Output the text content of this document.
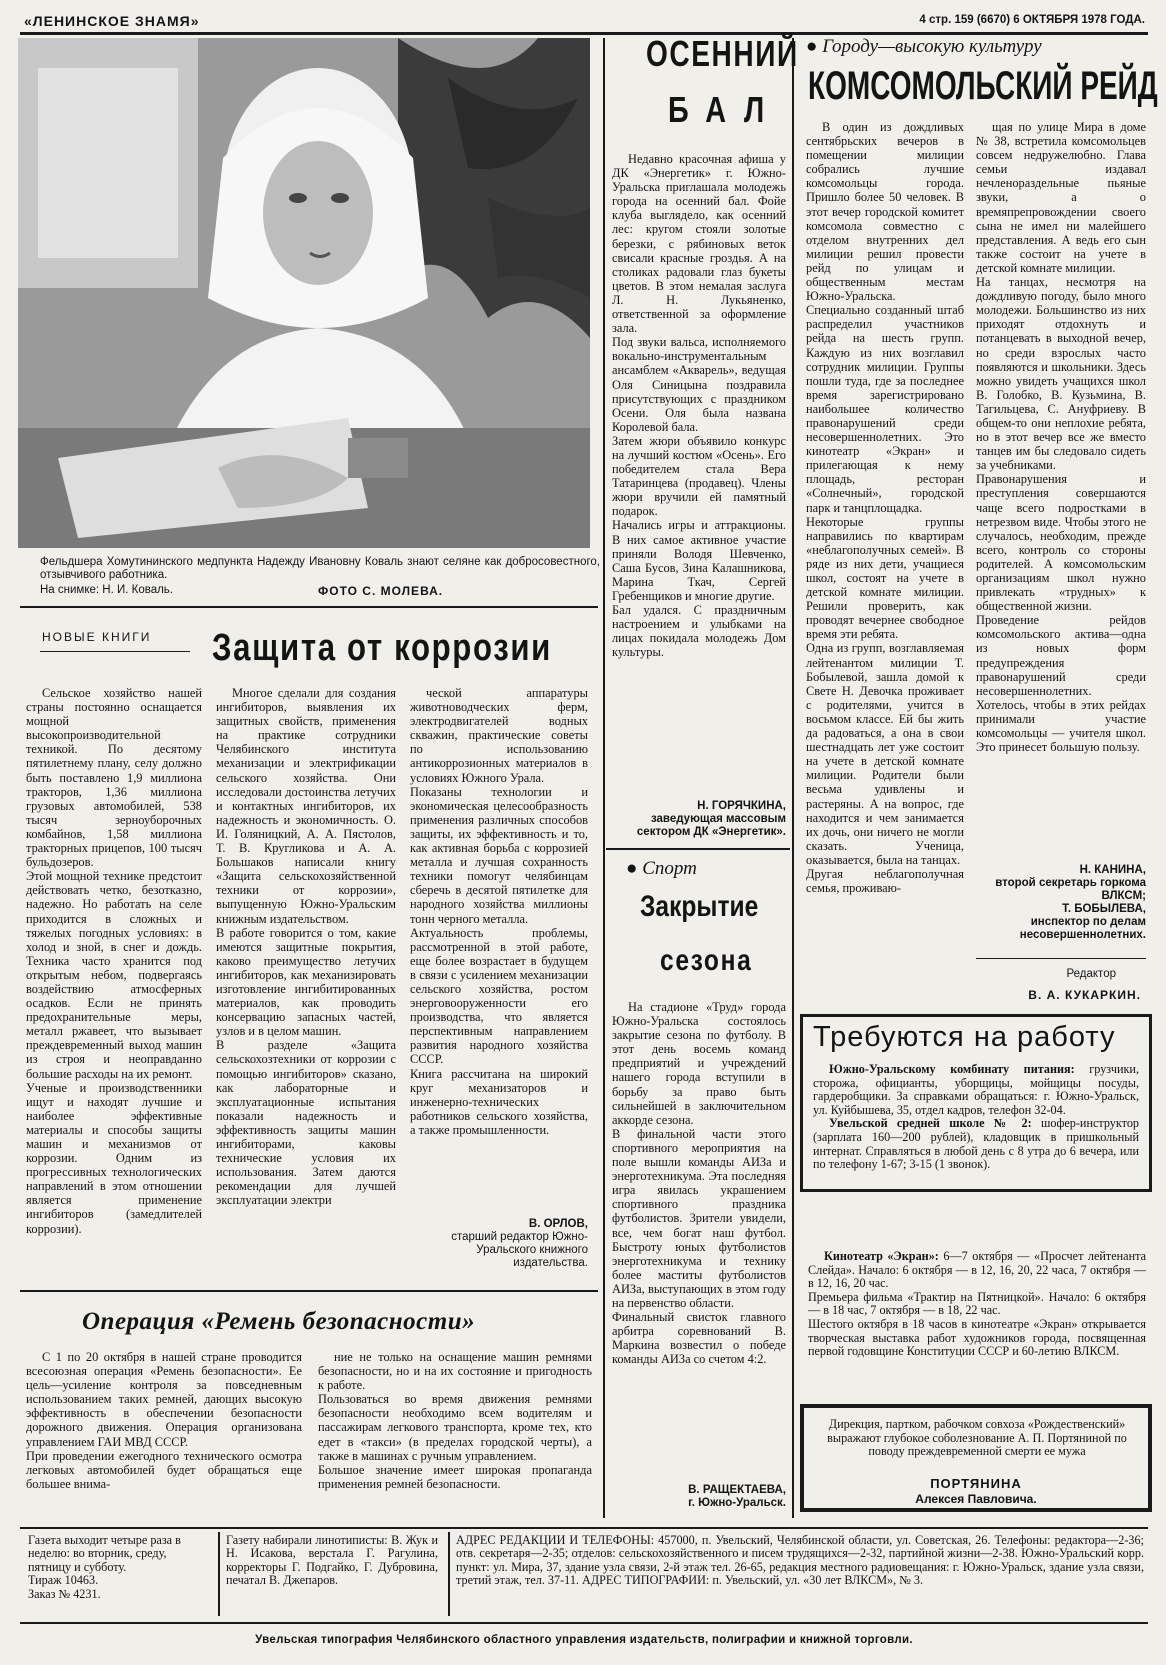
«ЛЕНИНСКОЕ ЗНАМЯ»	4 стр. 159 (6670) 6 ОКТЯБРЯ 1978 ГОДА.
Фельдшера Хомутининского медпункта Надежду Ивановну Коваль знают селяне как добросовестного, отзывчивого работника.
На снимке: Н. И. Коваль.	ФОТО С. МОЛЕВА.
НОВЫЕ КНИГИ	Защита от коррозии

Сельское хозяйство нашей страны постоянно оснащается мощной высокопроизводительной техникой. По десятому пятилетнему плану, селу должно быть поставлено 1,9 миллиона тракторов, 1,36 миллиона грузовых автомобилей, 538 тысяч зерноуборочных комбайнов, 1,58 миллиона тракторных прицепов, 100 тысяч бульдозеров.
Этой мощной технике предстоит действовать четко, безотказно, надежно. Но работать на селе приходится в сложных и тяжелых погодных условиях: в холод и зной, в снег и дождь. Техника часто хранится под открытым небом, подвергаясь воздействию атмосферных осадков. Если не принять предохранительные меры, металл ржавеет, что вызывает преждевременный выход машин из строя и неоправданно большие расходы на их ремонт.
Ученые и производственники ищут и находят лучшие и наиболее эффективные материалы и способы защиты машин и механизмов от коррозии. Одним из прогрессивных технологических направлений в этом отношении является применение ингибиторов (замедлителей коррозии).

Многое сделали для создания ингибиторов, выявления их защитных свойств, применения на практике сотрудники Челябинского института механизации и электрификации сельского хозяйства. Они исследовали достоинства летучих и контактных ингибиторов, их надежность и экономичность. О. И. Голяницкий, А. А. Пястолов, Т. В. Кругликова и А. А. Большаков написали книгу «Защита сельскохозяйственной техники от коррозии», выпущенную Южно-Уральским книжным издательством.
В работе говорится о том, какие имеются защитные покрытия, каково преимущество летучих ингибиторов, как механизировать изготовление ингибитированных материалов, как проводить консервацию запасных частей, узлов и в целом машин.
В разделе «Защита сельскохозтехники от коррозии с помощью ингибиторов» сказано, как лабораторные и эксплуатационные испытания показали надежность и эффективность защиты машин ингибиторами, каковы технические условия их использования. Затем даются рекомендации для лучшей эксплуатации электри

ческой аппаратуры животноводческих ферм, электродвигателей водных скважин, практические советы по использованию антикоррозионных материалов в условиях Южного Урала.
Показаны технологии и экономическая целесообразность применения различных способов защиты, их эффективность и то, как активная борьба с коррозией металла и лучшая сохранность техники помогут челябинцам сберечь в десятой пятилетке для народного хозяйства миллионы тонн черного металла.
Актуальность проблемы, рассмотренной в этой работе, еще более возрастает в будущем в связи с усилением механизации сельского хозяйства, ростом энерговооруженности его производства, что является перспективным направлением развития народного хозяйства СССР.
Книга рассчитана на широкий круг механизаторов и инженерно-технических работников сельского хозяйства, а также промышленности.

В. ОРЛОВ,
старший редактор Южно-Уральского книжного издательства.
Операция «Ремень безопасности»

С 1 по 20 октября в нашей стране проводится всесоюзная операция «Ремень безопасности». Ее цель—усиление контроля за повседневным использованием таких ремней, дающих высокую эффективность в обеспечении безопасности дорожного движения. Операция организована управлением ГАИ МВД СССР.
При проведении ежегодного технического осмотра легковых автомобилей будет обращаться еще большее внима-

ние не только на оснащение машин ремнями безопасности, но и на их состояние и пригодность к работе.
Пользоваться во время движения ремнями безопасности необходимо всем водителям и пассажирам легкового транспорта, кроме тех, кто едет в «такси» (в пределах городской черты), а также в машинах с ручным управлением.
Большое значение имеет широкая пропаганда применения ремней безопасности.

ОСЕННИЙ
БАЛ

Недавно красочная афиша у ДК «Энергетик» г. Южно-Уральска приглашала молодежь города на осенний бал. Фойе клуба выглядело, как осенний лес: кругом стояли золотые березки, с рябиновых веток свисали красные гроздья. А на столиках радовали глаз букеты цветов. В этом немалая заслуга Л. Н. Лукьяненко, ответственной за оформление зала.
Под звуки вальса, исполняемого вокально-инструментальным ансамблем «Акварель», ведущая Оля Синицына поздравила присутствующих с праздником Осени. Оля была названа Королевой бала.
Затем жюри объявило конкурс на лучший костюм «Осень». Его победителем стала Вера Татаринцева (продавец). Члены жюри вручили ей памятный подарок.
Начались игры и аттракционы. В них самое активное участие приняли Володя Шевченко, Саша Бусов, Зина Калашникова, Марина Ткач, Сергей Гребенщиков и многие другие.
Бал удался. С праздничным настроением и улыбками на лицах покидала молодежь Дом культуры.

Н. ГОРЯЧКИНА,
заведующая массовым сектором ДК «Энергетик».
● Спорт
Закрытие
сезона

На стадионе «Труд» города Южно-Уральска состоялось закрытие сезона по футболу. В этот день восемь команд предприятий и учреждений нашего города вступили в борьбу за право быть сильнейшей в заключительном аккорде сезона.
В финальной части этого спортивного мероприятия на поле вышли команды АИЗа и энерготехникума. Эта последняя игра явилась украшением спортивного праздника футболистов. Зрители увидели, все, чем богат наш футбол. Быстроту юных футболистов энерготехникума и технику более маститы футболистов АИЗа, выступающих в этом году на первенство области.
Финальный свисток главного арбитра соревнований В. Маркина возвестил о победе команды АИЗа со счетом 4:2.

В. РАЩЕКТАЕВА,
г. Южно-Уральск.
● Городу—высокую культуру
КОМСОМОЛЬСКИЙ РЕЙД

В один из дождливых сентябрьских вечеров в помещении милиции собрались лучшие комсомольцы города. Пришло более 50 человек. В этот вечер городской комитет комсомола совместно с отделом внутренних дел милиции решил провести рейд по улицам и общественным местам Южно-Уральска.
Специально созданный штаб распределил участников рейда на шесть групп. Каждую из них возглавил сотрудник милиции. Группы пошли туда, где за последнее время зарегистрировано наибольшее количество правонарушений среди несовершеннолетних. Это кинотеатр «Экран» и прилегающая к нему площадь, ресторан «Солнечный», городской парк и танцплощадка.
Некоторые группы направились по квартирам «неблагополучных семей». В ряде из них дети, учащиеся школ, состоят на учете в детской комнате милиции. Решили проверить, как проводят вечернее свободное время эти ребята.
Одна из групп, возглавляемая лейтенантом милиции Т. Бобылевой, зашла домой к Свете Н. Девочка проживает с родителями, учится в восьмом классе. Ей бы жить да радоваться, а она в свои шестнадцать лет уже состоит на учете в детской комнате милиции. Родители были весьма удивлены и растеряны. А на вопрос, где находится и чем занимается их дочь, они ничего не могли сказать. Ученица, оказывается, была на танцах.
Другая неблагополучная семья, проживаю-

щая по улице Мира в доме № 38, встретила комсомольцев совсем недружелюбно. Глава семьи издавал нечленораздельные пьяные звуки, а о времяпрепровождении своего сына не имел ни малейшего представления. А ведь его сын также состоит на учете в детской комнате милиции.
На танцах, несмотря на дождливую погоду, было много молодежи. Большинство из них приходят отдохнуть и потанцевать в выходной вечер, но среди взрослых часто появляются и школьники. Здесь можно увидеть учащихся школ В. Голобко, В. Кузьмина, В. Тагильцева, С. Ануфриеву. В общем-то они неплохие ребята, но в этот вечер все же вместо танцев им бы следовало сидеть за учебниками.
Правонарушения и преступления совершаются чаще всего подростками в нетрезвом виде. Чтобы этого не случалось, необходим, прежде всего, контроль со стороны родителей. А комсомольским организациям школ нужно привлекать «трудных» к общественной жизни.
Проведение рейдов комсомольского актива—одна из новых форм предупреждения правонарушений среди несовершеннолетних. Хотелось, чтобы в этих рейдах принимали участие комсомольцы — учителя школ. Это принесет большую пользу.

Н. КАНИНА,
второй секретарь горкома ВЛКСМ;
Т. БОБЫЛЕВА,
инспектор по делам несовершеннолетних.
Редактор
В. А. КУКАРКИН.
Требуются на работу

Южно-Уральскому комбинату питания: грузчики, сторожа, официанты, уборщицы, мойщицы посуды, гардеробщики. За справками обращаться: г. Южно-Уральск, ул. Куйбышева, 35, отдел кадров, телефон 32-04.

Увельской средней школе № 2: шофер-инструктор (зарплата 160—200 рублей), кладовщик в пришкольный интернат. Справляться в любой день с 8 утра до 6 вечера, или по телефону 1-67; 3-15 (1 звонок).

Кинотеатр «Экран»: 6—7 октября — «Просчет лейтенанта Слейда». Начало: 6 октября — в 12, 16, 20, 22 часа, 7 октября — в 12, 16, 20 час.
Премьера фильма «Трактир на Пятницкой». Начало: 6 октября — в 18 час, 7 октября — в 18, 22 час.
Шестого октября в 18 часов в кинотеатре «Экран» открывается творческая выставка работ художников города, посвященная первой годовщине Конституции СССР и 60-летию ВЛКСМ.

Дирекция, партком, рабочком совхоза «Рождественский» выражают глубокое соболезнование А. П. Портяниной по поводу преждевременной смерти ее мужа
ПОРТЯНИНА
Алексея Павловича.
Газета выходит четыре раза в неделю: во вторник, среду, пятницу и субботу.
Тираж 10463.
Заказ № 4231.
Газету набирали линотиписты: В. Жук и Н. Исакова, верстала Г. Рагулина, корректоры Г. Подгайко, Г. Дубровина, печатал В. Джепаров.
АДРЕС РЕДАКЦИИ И ТЕЛЕФОНЫ: 457000, п. Увельский, Челябинской области, ул. Советская, 26. Телефоны: редактора—2-36; отв. секретаря—2-35; отделов: сельскохозяйственного и писем трудящихся—2-32, партийной жизни—2-38. Южно-Уральский корр. пункт: ул. Мира, 37, здание узла связи, 2-й этаж тел. 26-65, редакция местного радиовещания: г. Южно-Уральск, здание узла связи, третий этаж, тел. 37-11. АДРЕС ТИПОГРАФИИ: п. Увельский, ул. «30 лет ВЛКСМ», № 3.
Увельская типография Челябинского областного управления издательств, полиграфии и книжной торговли.
